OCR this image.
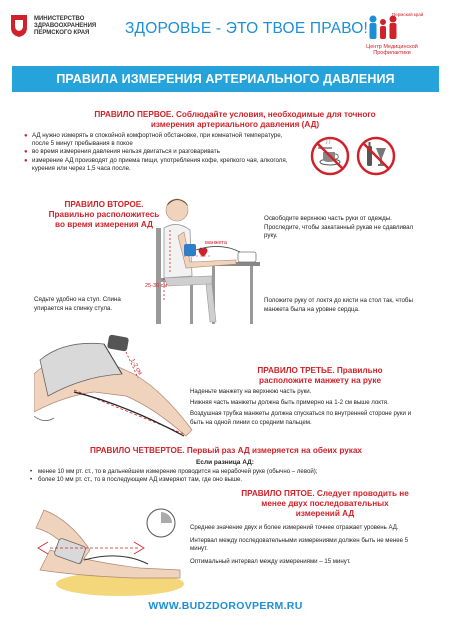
МИНИСТЕРСТВО
ЗДРАВООХРАНЕНИЯ
ПЕРМСКОГО КРАЯ	ЗДОРОВЬЕ - ЭТО ТВОЕ ПРАВО!
Пермский край
Центр Медицинской Профилактики
ПРАВИЛА ИЗМЕРЕНИЯ АРТЕРИАЛЬНОГО ДАВЛЕНИЯ
ПРАВИЛО ПЕРВОЕ. Соблюдайте условия, необходимые для точного измерения артериального давления (АД)
● АД нужно измерять в спокойной комфортной обстановке, при комнатной температуре, после 5 минут пребывания в покое
● во время измерения давления нельзя двигаться и разговаривать
● измерение АД производят до приема пищи, употребления кофе, крепкого чая, алкоголя, курения или через 1,5 часа после.
ПРАВИЛО ВТОРОЕ. Правильно расположитесь во время измерения АД
манжета
25-30 см
Сядьте удобно на стул. Спина упирается на спинку стула.
Освободите верхнюю часть руки от одежды. Проследите, чтобы закатанный рукав не сдавливал руку.
Положите руку от локтя до кисти на стол так, чтобы манжета была на уровне сердца.
1-2 см	ПРАВИЛО ТРЕТЬЕ. Правильно расположите манжету на руке

Наденьте манжету на верхнюю часть руки.

Нижняя часть манжеты должна быть примерно на 1-2 см выше локтя.

Воздушная трубка манжеты должна спускаться по внутренней стороне руки и быть на одной линии со средним пальцем.

ПРАВИЛО ЧЕТВЕРТОЕ. Первый раз АД измеряется на обеих руках
Если разница АД:
• менее 10 мм рт. ст., то в дальнейшем измерение проводится на нерабочей руке (обычно – левой);
• более 10 мм рт. ст., то в последующем АД измеряют там, где оно выше.
ПРАВИЛО ПЯТОЕ. Следует проводить не менее двух последовательных измерений АД

Среднее значение двух и более измерений точнее отражает уровень АД.

Интервал между последовательными измерениями должен быть не менее 5 минут.

Оптимальный интервал между измерениями – 15 минут.

WWW.BUDZDOROVPERM.RU
